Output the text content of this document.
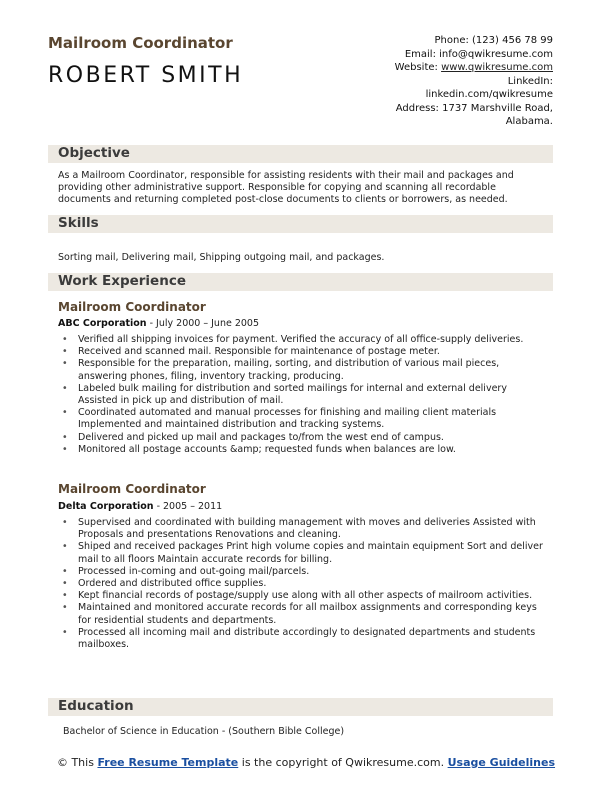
Mailroom Coordinator
ROBERT SMITH
Phone: (123) 456 78 99
Email: info@qwikresume.com
Website: www.qwikresume.com
LinkedIn:
linkedin.com/qwikresume
Address: 1737 Marshville Road,
Alabama.
Objective
As a Mailroom Coordinator, responsible for assisting residents with their mail and packages and providing other administrative support. Responsible for copying and scanning all recordable documents and returning completed post-close documents to clients or borrowers, as needed.
Skills
Sorting mail, Delivering mail, Shipping outgoing mail, and packages.
Work Experience
Mailroom Coordinator
ABC Corporation - July 2000 – June 2005
• Verified all shipping invoices for payment. Verified the accuracy of all office-supply deliveries.
• Received and scanned mail. Responsible for maintenance of postage meter.
• Responsible for the preparation, mailing, sorting, and distribution of various mail pieces, answering phones, filing, inventory tracking, producing.
• Labeled bulk mailing for distribution and sorted mailings for internal and external delivery Assisted in pick up and distribution of mail.
• Coordinated automated and manual processes for finishing and mailing client materials Implemented and maintained distribution and tracking systems.
• Delivered and picked up mail and packages to/from the west end of campus.
• Monitored all postage accounts &amp; requested funds when balances are low.
Mailroom Coordinator
Delta Corporation - 2005 – 2011
• Supervised and coordinated with building management with moves and deliveries Assisted with Proposals and presentations Renovations and cleaning.
• Shiped and received packages Print high volume copies and maintain equipment Sort and deliver mail to all floors Maintain accurate records for billing.
• Processed in-coming and out-going mail/parcels.
• Ordered and distributed office supplies.
• Kept financial records of postage/supply use along with all other aspects of mailroom activities.
• Maintained and monitored accurate records for all mailbox assignments and corresponding keys for residential students and departments.
• Processed all incoming mail and distribute accordingly to designated departments and students mailboxes.
Education
Bachelor of Science in Education - (Southern Bible College)
© This Free Resume Template is the copyright of Qwikresume.com. Usage Guidelines
